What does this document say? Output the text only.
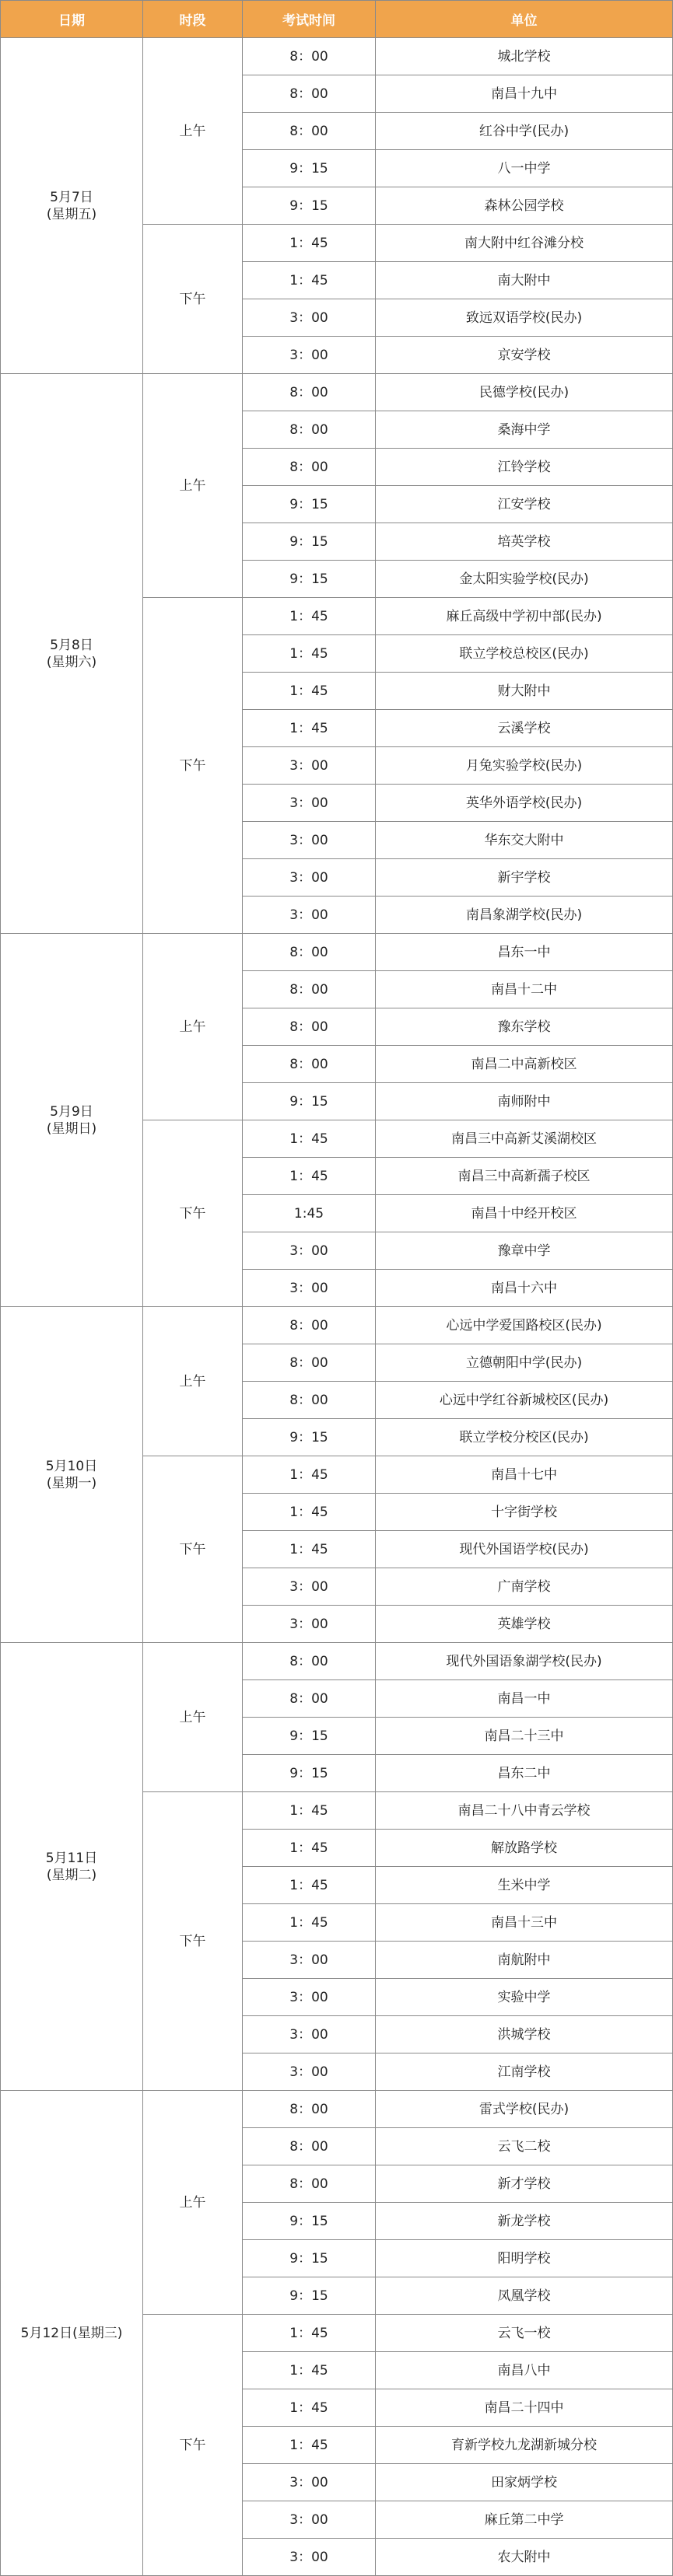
日期	时段	考试时间	单位

5月7日
(星期五)	上午	8：00	城北学校
		8：00	南昌十九中
		8：00	红谷中学(民办)
		9：15	八一中学
		9：15	森林公园学校
	下午	1：45	南大附中红谷滩分校
		1：45	南大附中
		3：00	致远双语学校(民办)
		3：00	京安学校

5月8日
(星期六)	上午	8：00	民德学校(民办)
		8：00	桑海中学
		8：00	江铃学校
		9：15	江安学校
		9：15	培英学校
		9：15	金太阳实验学校(民办)
	下午	1：45	麻丘高级中学初中部(民办)
		1：45	联立学校总校区(民办)
		1：45	财大附中
		1：45	云溪学校
		3：00	月兔实验学校(民办)
		3：00	英华外语学校(民办)
		3：00	华东交大附中
		3：00	新宇学校
		3：00	南昌象湖学校(民办)

5月9日
(星期日)	上午	8：00	昌东一中
		8：00	南昌十二中
		8：00	豫东学校
		8：00	南昌二中高新校区
		9：15	南师附中
	下午	1：45	南昌三中高新艾溪湖校区
		1：45	南昌三中高新孺子校区
		1:45	南昌十中经开校区
		3：00	豫章中学
		3：00	南昌十六中

5月10日
(星期一)	上午	8：00	心远中学爱国路校区(民办)
		8：00	立德朝阳中学(民办)
		8：00	心远中学红谷新城校区(民办)
		9：15	联立学校分校区(民办)
	下午	1：45	南昌十七中
		1：45	十字街学校
		1：45	现代外国语学校(民办)
		3：00	广南学校
		3：00	英雄学校

5月11日
(星期二)	上午	8：00	现代外国语象湖学校(民办)
		8：00	南昌一中
		9：15	南昌二十三中
		9：15	昌东二中
	下午	1：45	南昌二十八中青云学校
		1：45	解放路学校
		1：45	生米中学
		1：45	南昌十三中
		3：00	南航附中
		3：00	实验中学
		3：00	洪城学校
		3：00	江南学校

5月12日(星期三)	上午	8：00	雷式学校(民办)
		8：00	云飞二校
		8：00	新才学校
		9：15	新龙学校
		9：15	阳明学校
		9：15	凤凰学校
	下午	1：45	云飞一校
		1：45	南昌八中
		1：45	南昌二十四中
		1：45	育新学校九龙湖新城分校
		3：00	田家炳学校
		3：00	麻丘第二中学
		3：00	农大附中
